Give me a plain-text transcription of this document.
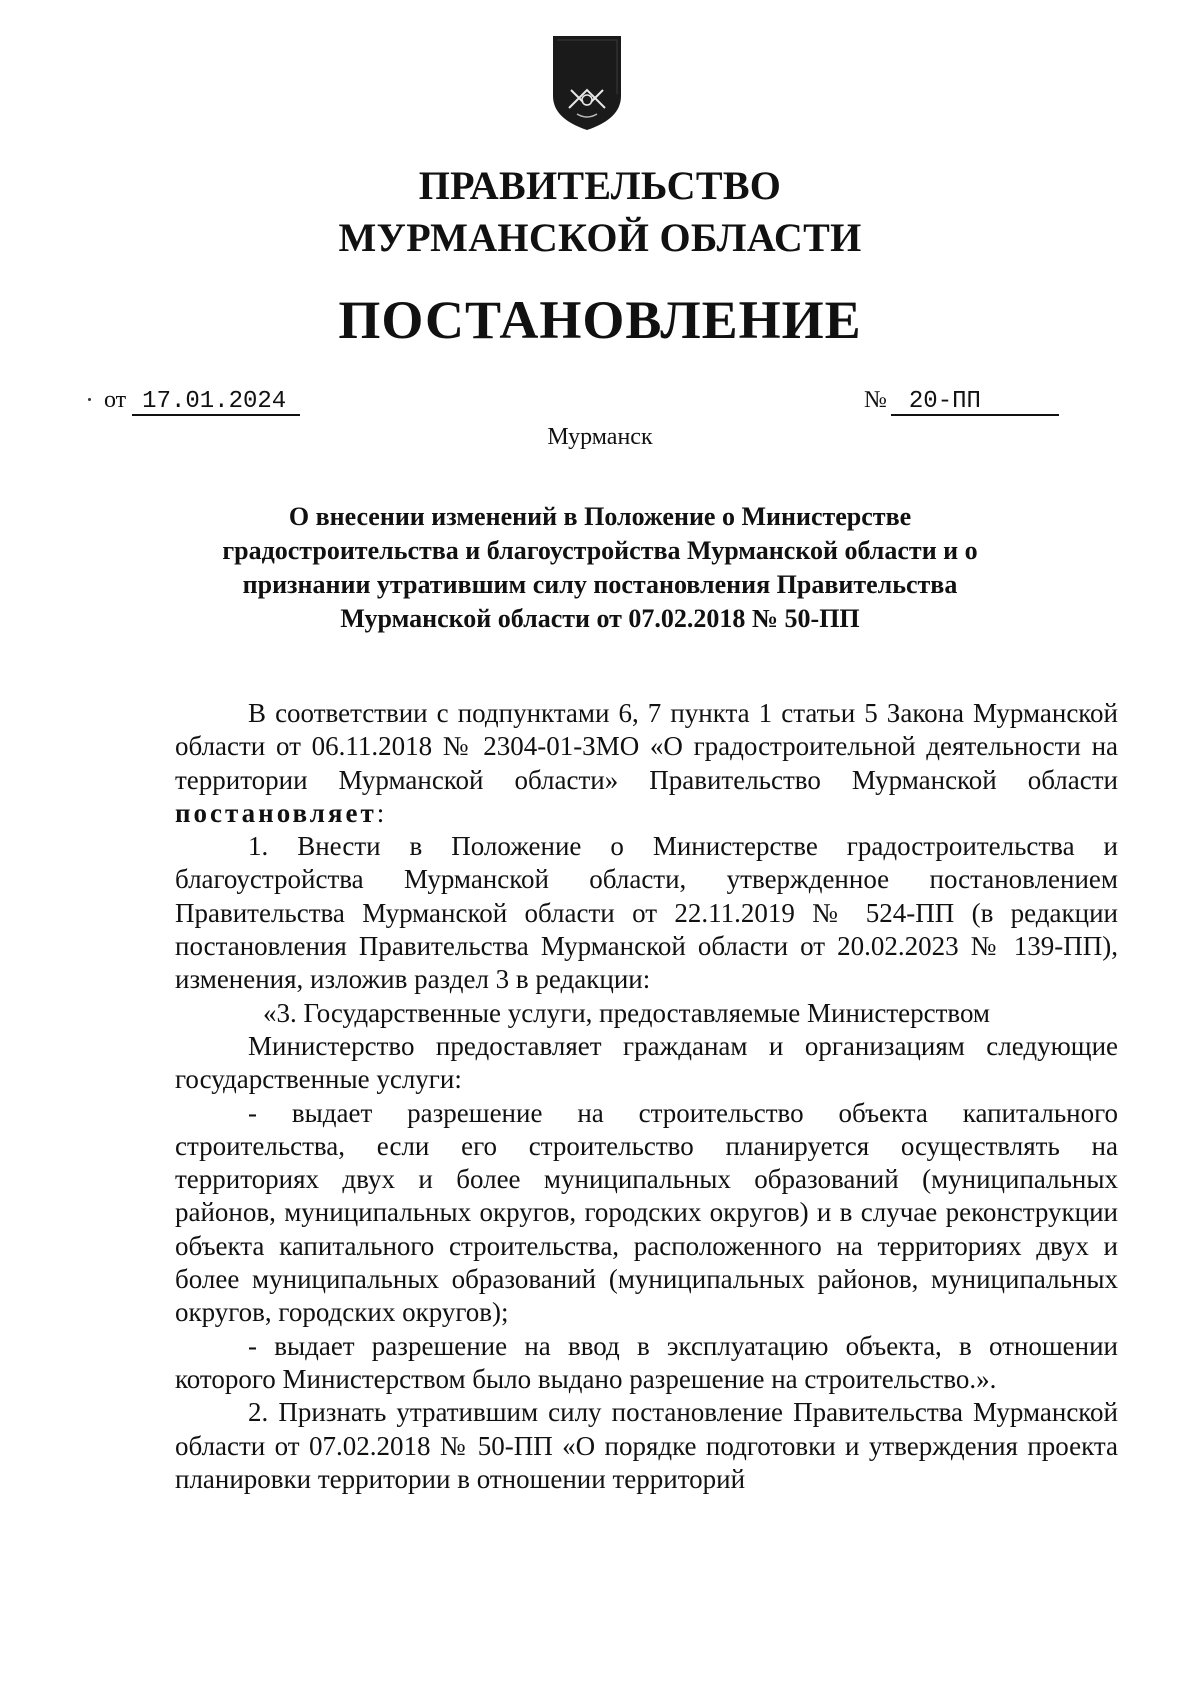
ПРАВИТЕЛЬСТВО
МУРМАНСКОЙ ОБЛАСТИ
ПОСТАНОВЛЕНИЕ
от 17.01.2024	№ 20-ПП
Мурманск
О внесении изменений в Положение о Министерстве
градостроительства и благоустройства Мурманской области и о
признании утратившим силу постановления Правительства
Мурманской области от 07.02.2018 № 50-ПП

В соответствии с подпунктами 6, 7 пункта 1 статьи 5 Закона Мурманской области от 06.11.2018 № 2304-01-ЗМО «О градостроительной деятельности на территории Мурманской области» Правительство Мурманской области постановляет:

1. Внести в Положение о Министерстве градостроительства и благоустройства Мурманской области, утвержденное постановлением Правительства Мурманской области от 22.11.2019 № 524-ПП (в редакции постановления Правительства Мурманской области от 20.02.2023 № 139-ПП), изменения, изложив раздел 3 в редакции:

«3. Государственные услуги, предоставляемые Министерством

Министерство предоставляет гражданам и организациям следующие государственные услуги:

- выдает разрешение на строительство объекта капитального строительства, если его строительство планируется осуществлять на территориях двух и более муниципальных образований (муниципальных районов, муниципальных округов, городских округов) и в случае реконструкции объекта капитального строительства, расположенного на территориях двух и более муниципальных образований (муниципальных районов, муниципальных округов, городских округов);

- выдает разрешение на ввод в эксплуатацию объекта, в отношении которого Министерством было выдано разрешение на строительство.».

2. Признать утратившим силу постановление Правительства Мурманской области от 07.02.2018 № 50-ПП «О порядке подготовки и утверждения проекта планировки территории в отношении территорий
